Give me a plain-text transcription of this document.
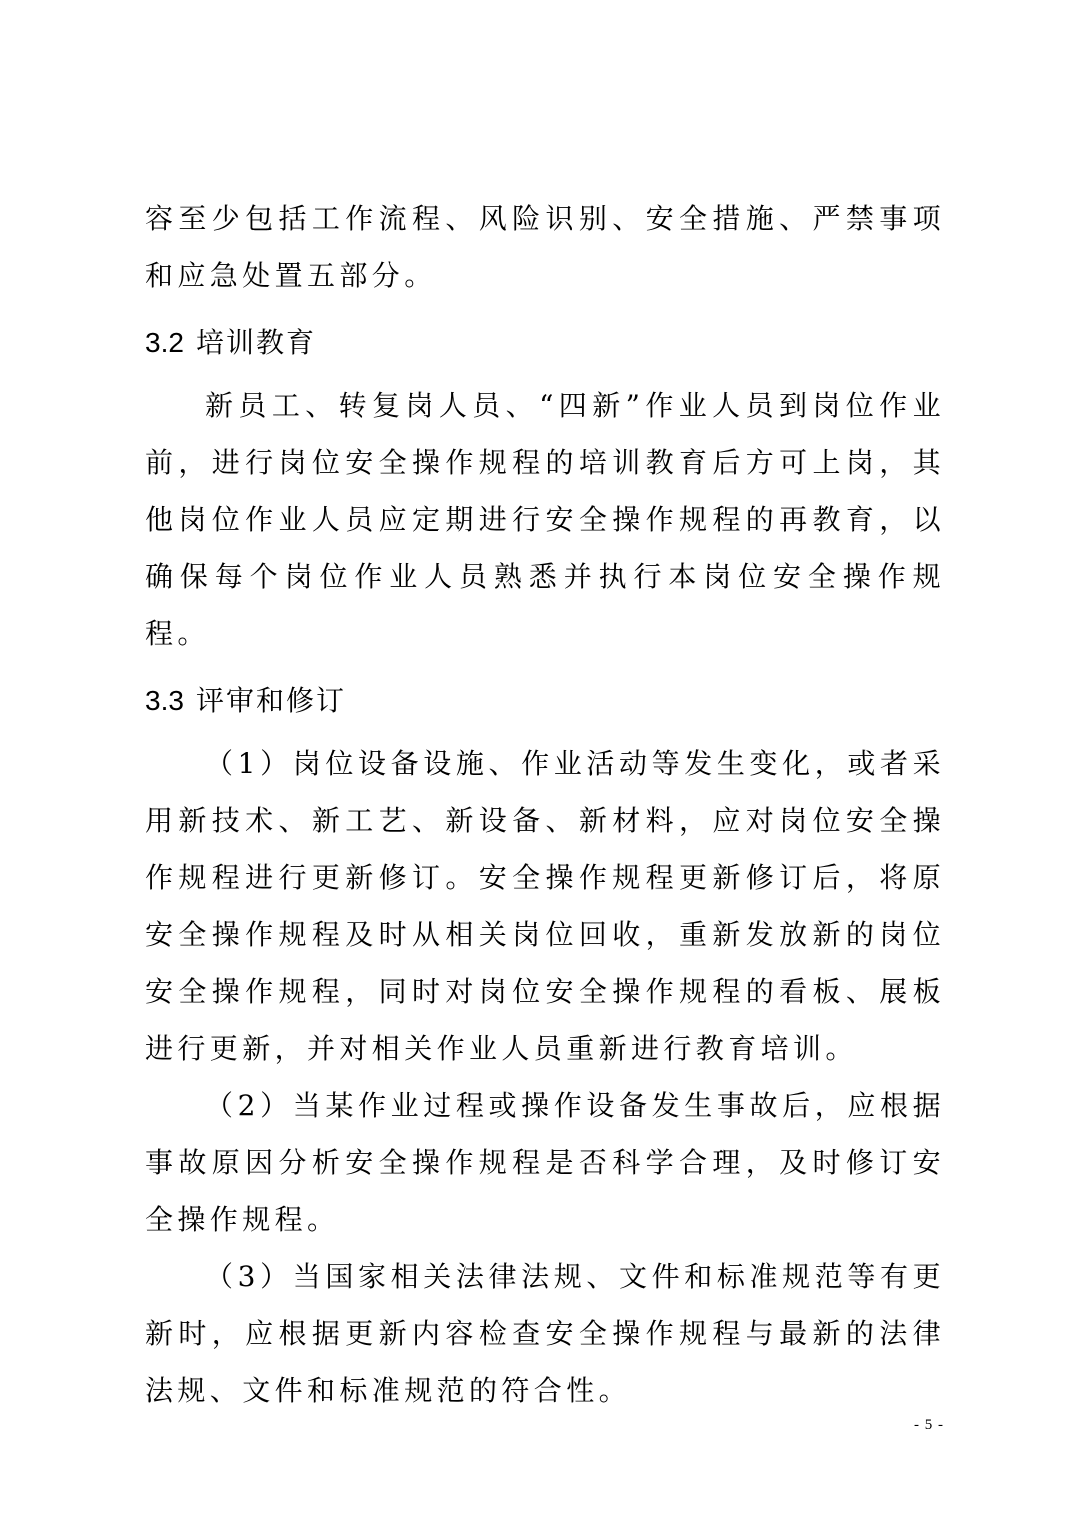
容至少包括工作流程、风险识别、安全措施、严禁事项和应急处置五部分。

3.2 培训教育

新员工、转复岗人员、“四新”作业人员到岗位作业前，进行岗位安全操作规程的培训教育后方可上岗，其他岗位作业人员应定期进行安全操作规程的再教育，以确保每个岗位作业人员熟悉并执行本岗位安全操作规程。

3.3 评审和修订

（1）岗位设备设施、作业活动等发生变化，或者采用新技术、新工艺、新设备、新材料，应对岗位安全操作规程进行更新修订。安全操作规程更新修订后，将原安全操作规程及时从相关岗位回收，重新发放新的岗位安全操作规程，同时对岗位安全操作规程的看板、展板进行更新，并对相关作业人员重新进行教育培训。

（2）当某作业过程或操作设备发生事故后，应根据事故原因分析安全操作规程是否科学合理，及时修订安全操作规程。

（3）当国家相关法律法规、文件和标准规范等有更新时，应根据更新内容检查安全操作规程与最新的法律法规、文件和标准规范的符合性。

- 5 -
